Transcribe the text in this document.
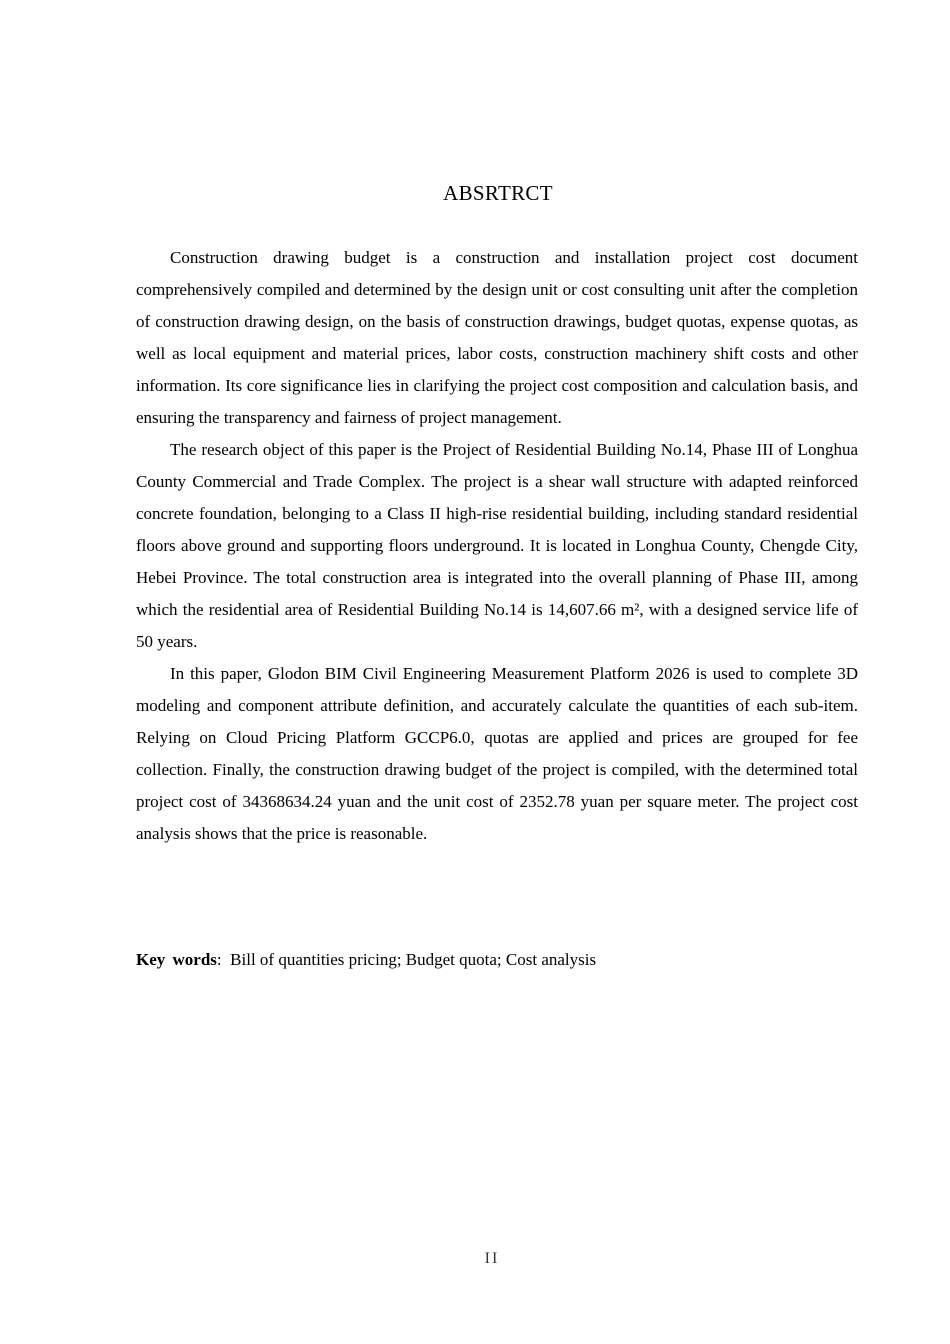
ABSRTRCT

Construction drawing budget is a construction and installation project cost document comprehensively compiled and determined by the design unit or cost consulting unit after the completion of construction drawing design, on the basis of construction drawings, budget quotas, expense quotas, as well as local equipment and material prices, labor costs, construction machinery shift costs and other information. Its core significance lies in clarifying the project cost composition and calculation basis, and ensuring the transparency and fairness of project management.

The research object of this paper is the Project of Residential Building No.14, Phase III of Longhua County Commercial and Trade Complex. The project is a shear wall structure with adapted reinforced concrete foundation, belonging to a Class II high-rise residential building, including standard residential floors above ground and supporting floors underground. It is located in Longhua County, Chengde City, Hebei Province. The total construction area is integrated into the overall planning of Phase III, among which the residential area of Residential Building No.14 is 14,607.66 m², with a designed service life of 50 years.

In this paper, Glodon BIM Civil Engineering Measurement Platform 2026 is used to complete 3D modeling and component attribute definition, and accurately calculate the quantities of each sub-item. Relying on Cloud Pricing Platform GCCP6.0, quotas are applied and prices are grouped for fee collection. Finally, the construction drawing budget of the project is compiled, with the determined total project cost of 34368634.24 yuan and the unit cost of 2352.78 yuan per square meter. The project cost analysis shows that the price is reasonable.

Key words:  Bill of quantities pricing; Budget quota; Cost analysis
II
